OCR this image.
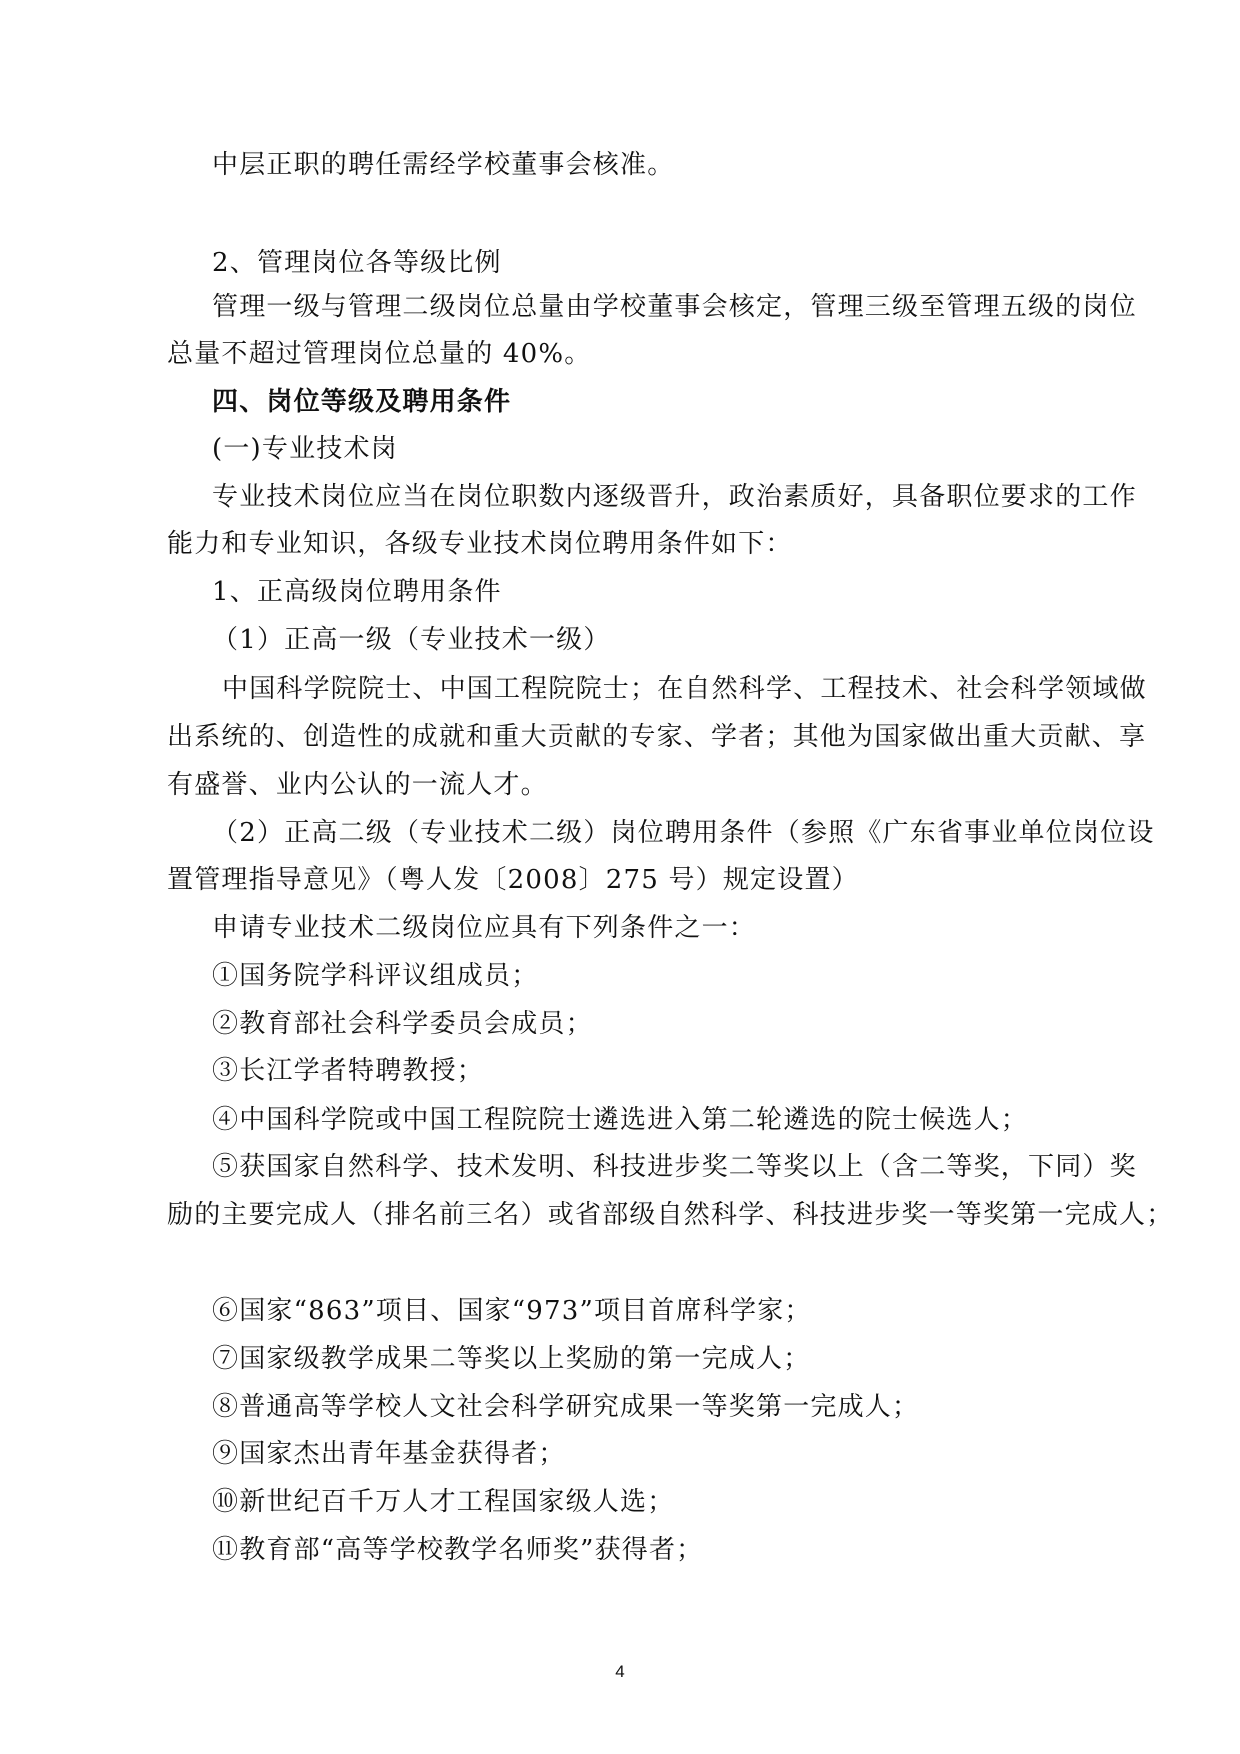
中层正职的聘任需经学校董事会核准。
2、管理岗位各等级比例
管理一级与管理二级岗位总量由学校董事会核定，管理三级至管理五级的岗位
总量不超过管理岗位总量的 40%。
四、岗位等级及聘用条件
(一)专业技术岗
专业技术岗位应当在岗位职数内逐级晋升，政治素质好，具备职位要求的工作
能力和专业知识，各级专业技术岗位聘用条件如下：
1、正高级岗位聘用条件
（1）正高一级（专业技术一级）
中国科学院院士、中国工程院院士；在自然科学、工程技术、社会科学领域做
出系统的、创造性的成就和重大贡献的专家、学者；其他为国家做出重大贡献、享
有盛誉、业内公认的一流人才。
（2）正高二级（专业技术二级）岗位聘用条件（参照《广东省事业单位岗位设
置管理指导意见》（粤人发〔2008〕275 号）规定设置）
申请专业技术二级岗位应具有下列条件之一：
①国务院学科评议组成员；
②教育部社会科学委员会成员；
③长江学者特聘教授；
④中国科学院或中国工程院院士遴选进入第二轮遴选的院士候选人；
⑤获国家自然科学、技术发明、科技进步奖二等奖以上（含二等奖，下同）奖
励的主要完成人（排名前三名）或省部级自然科学、科技进步奖一等奖第一完成人；
⑥国家“863”项目、国家“973”项目首席科学家；
⑦国家级教学成果二等奖以上奖励的第一完成人；
⑧普通高等学校人文社会科学研究成果一等奖第一完成人；
⑨国家杰出青年基金获得者；
⑩新世纪百千万人才工程国家级人选；
⑪教育部“高等学校教学名师奖”获得者；
4
